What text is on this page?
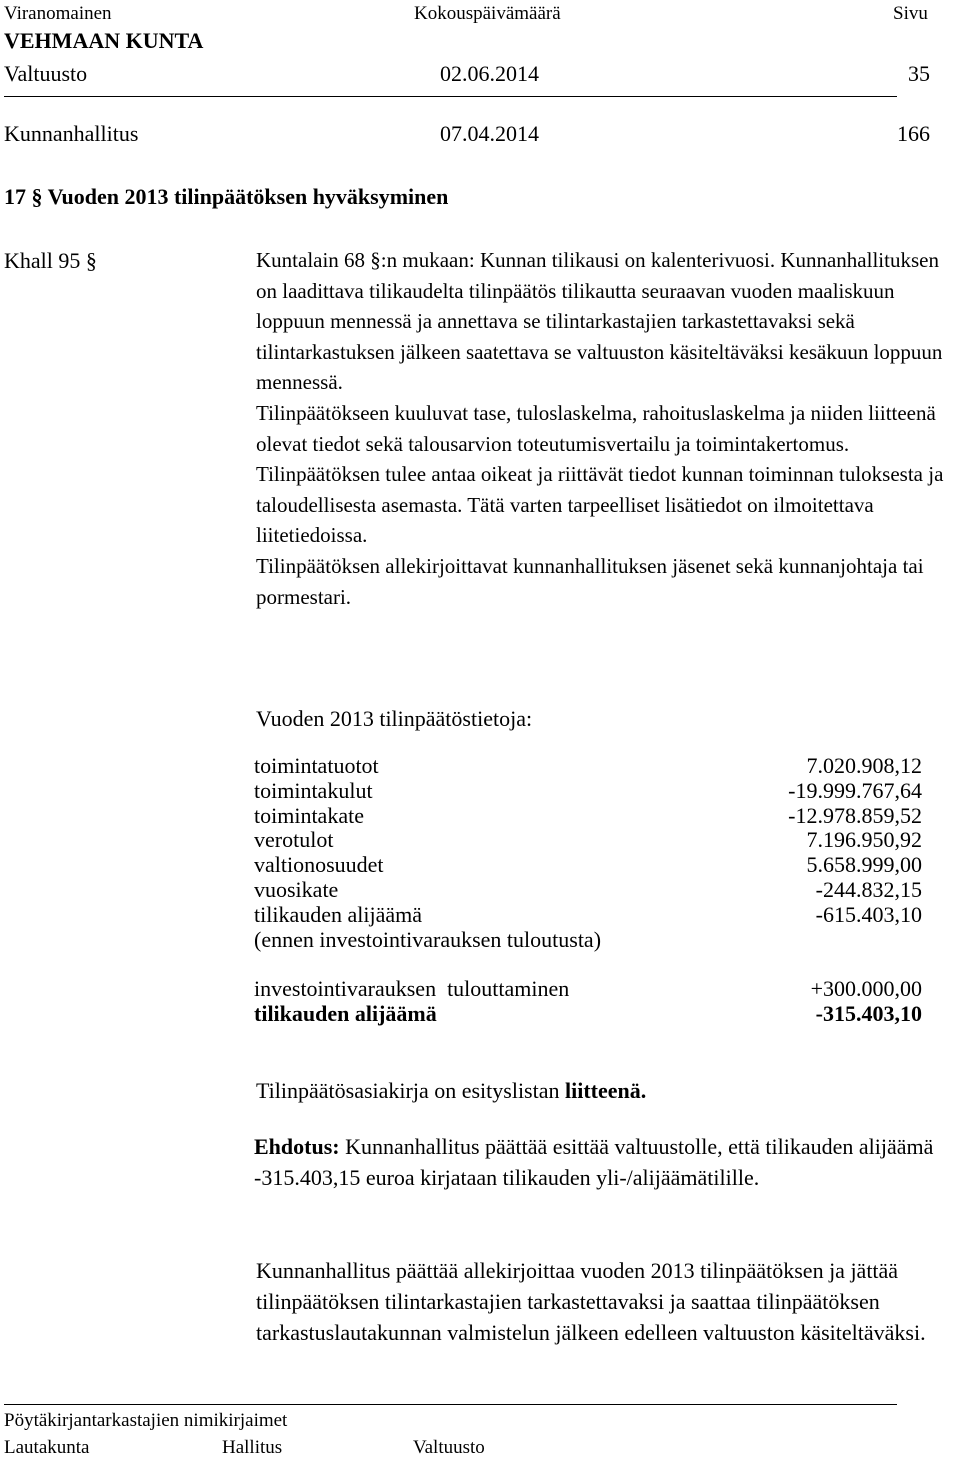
Viranomainen	Kokouspäivämäärä	Sivu
VEHMAAN KUNTA
Valtuusto	02.06.2014	35
Kunnanhallitus	07.04.2014	166
17 § Vuoden 2013 tilinpäätöksen hyväksyminen
Khall 95 §	Kuntalain 68 §:n mukaan: Kunnan tilikausi on kalenterivuosi. Kunnanhallituksen on laadittava tilikaudelta tilinpäätös tilikautta seuraavan vuoden maaliskuun loppuun mennessä ja annettava se tilintarkastajien tarkastettavaksi sekä tilintarkastuksen jälkeen saatettava se valtuuston käsiteltäväksi kesäkuun loppuun mennessä.

Tilinpäätökseen kuuluvat tase, tuloslaskelma, rahoituslaskelma ja niiden liitteenä olevat tiedot sekä talousarvion toteutumisvertailu ja toimintakertomus.

Tilinpäätöksen tulee antaa oikeat ja riittävät tiedot kunnan toiminnan tuloksesta ja taloudellisesta asemasta. Tätä varten tarpeelliset lisätiedot on ilmoitettava liitetiedoissa.

Tilinpäätöksen allekirjoittavat kunnanhallituksen jäsenet sekä kunnanjohtaja tai pormestari.

Vuoden 2013 tilinpäätöstietoja:
toimintatuotot	7.020.908,12
toimintakulut	-19.999.767,64
toimintakate	-12.978.859,52
verotulot	7.196.950,92
valtionosuudet	5.658.999,00
vuosikate	-244.832,15
tilikauden alijäämä	-615.403,10
(ennen investointivarauksen tuloutusta)
investointivarauksen  tulouttaminen	+300.000,00
tilikauden alijäämä	-315.403,10
Tilinpäätösasiakirja on esityslistan liitteenä.
Ehdotus: Kunnanhallitus päättää esittää valtuustolle, että tilikauden alijäämä -315.403,15 euroa kirjataan tilikauden yli-/alijäämätilille.
Kunnanhallitus päättää allekirjoittaa vuoden 2013 tilinpäätöksen ja jättää tilinpäätöksen tilintarkastajien tarkastettavaksi ja saattaa tilinpäätöksen tarkastuslautakunnan valmistelun jälkeen edelleen valtuuston käsiteltäväksi.
Pöytäkirjantarkastajien nimikirjaimet
Lautakunta	Hallitus	Valtuusto
